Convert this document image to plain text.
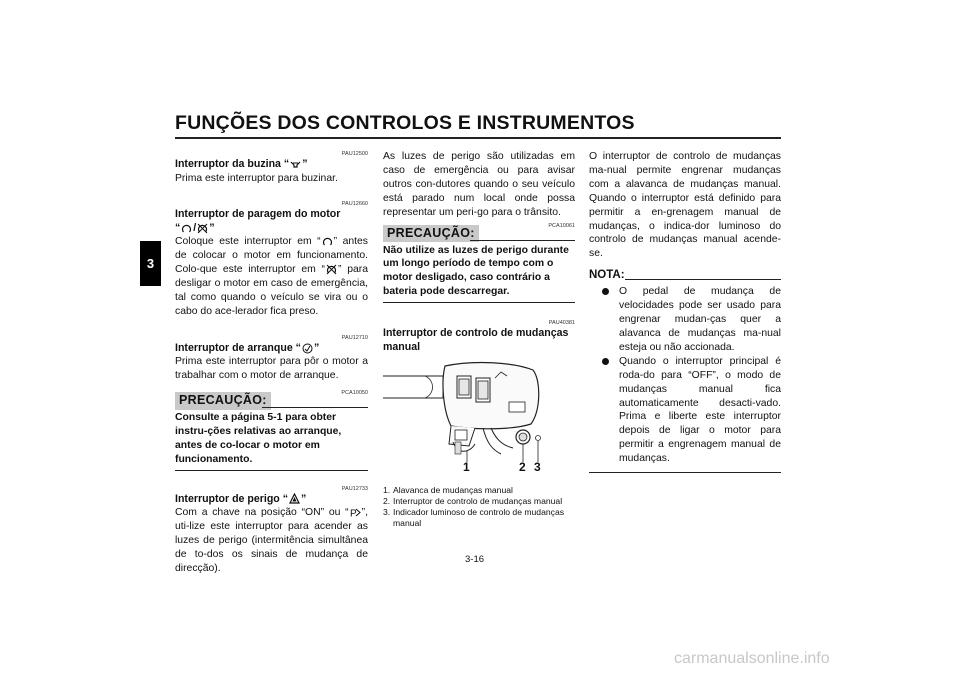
FUNÇÕES DOS CONTROLOS E INSTRUMENTOS
3
PAU12500
Interruptor da buzina “ ”

Prima este interruptor para buzinar.

PAU12660
Interruptor de paragem do motor
“ / ”

Coloque este interruptor em “ ” antes de colocar o motor em funcionamento. Colo-que este interruptor em “ ” para desligar o motor em caso de emergência, tal como quando o veículo se vira ou o cabo do ace-lerador fica preso.

PAU12710
Interruptor de arranque “ ”

Prima este interruptor para pôr o motor a trabalhar com o motor de arranque.

PRECAUÇÃO:	PCA10050

Consulte a página 5-1 para obter instru-ções relativas ao arranque, antes de co-locar o motor em funcionamento.

PAU12733
Interruptor de perigo “ ”

Com a chave na posição “ON” ou “ P ”, uti-lize este interruptor para acender as luzes de perigo (intermitência simultânea de to-dos os sinais de mudança de direcção).

As luzes de perigo são utilizadas em caso de emergência ou para avisar outros con-dutores quando o seu veículo está parado num local onde possa representar um peri-go para o trânsito.

PRECAUÇÃO:	PCA10061

Não utilize as luzes de perigo durante um longo período de tempo com o motor desligado, caso contrário a bateria pode descarregar.

PAU40381
Interruptor de controlo de mudanças manual
1	2 3
1. Alavanca de mudanças manual
2. Interruptor de controlo de mudanças manual
3. Indicador luminoso de controlo de mudanças manual

O interruptor de controlo de mudanças ma-nual permite engrenar mudanças com a alavanca de mudanças manual. Quando o interruptor está definido para permitir a en-grenagem manual de mudanças, o indica-dor luminoso do controlo de mudanças manual acende-se.

NOTA:
O pedal de mudança de velocidades pode ser usado para engrenar mudan-ças quer a alavanca de mudanças ma-nual esteja ou não accionada.
Quando o interruptor principal é roda-do para “OFF”, o modo de mudanças manual fica automaticamente desacti-vado. Prima e liberte este interruptor depois de ligar o motor para permitir a engrenagem manual de mudanças.
3-16
carmanualsonline.info
